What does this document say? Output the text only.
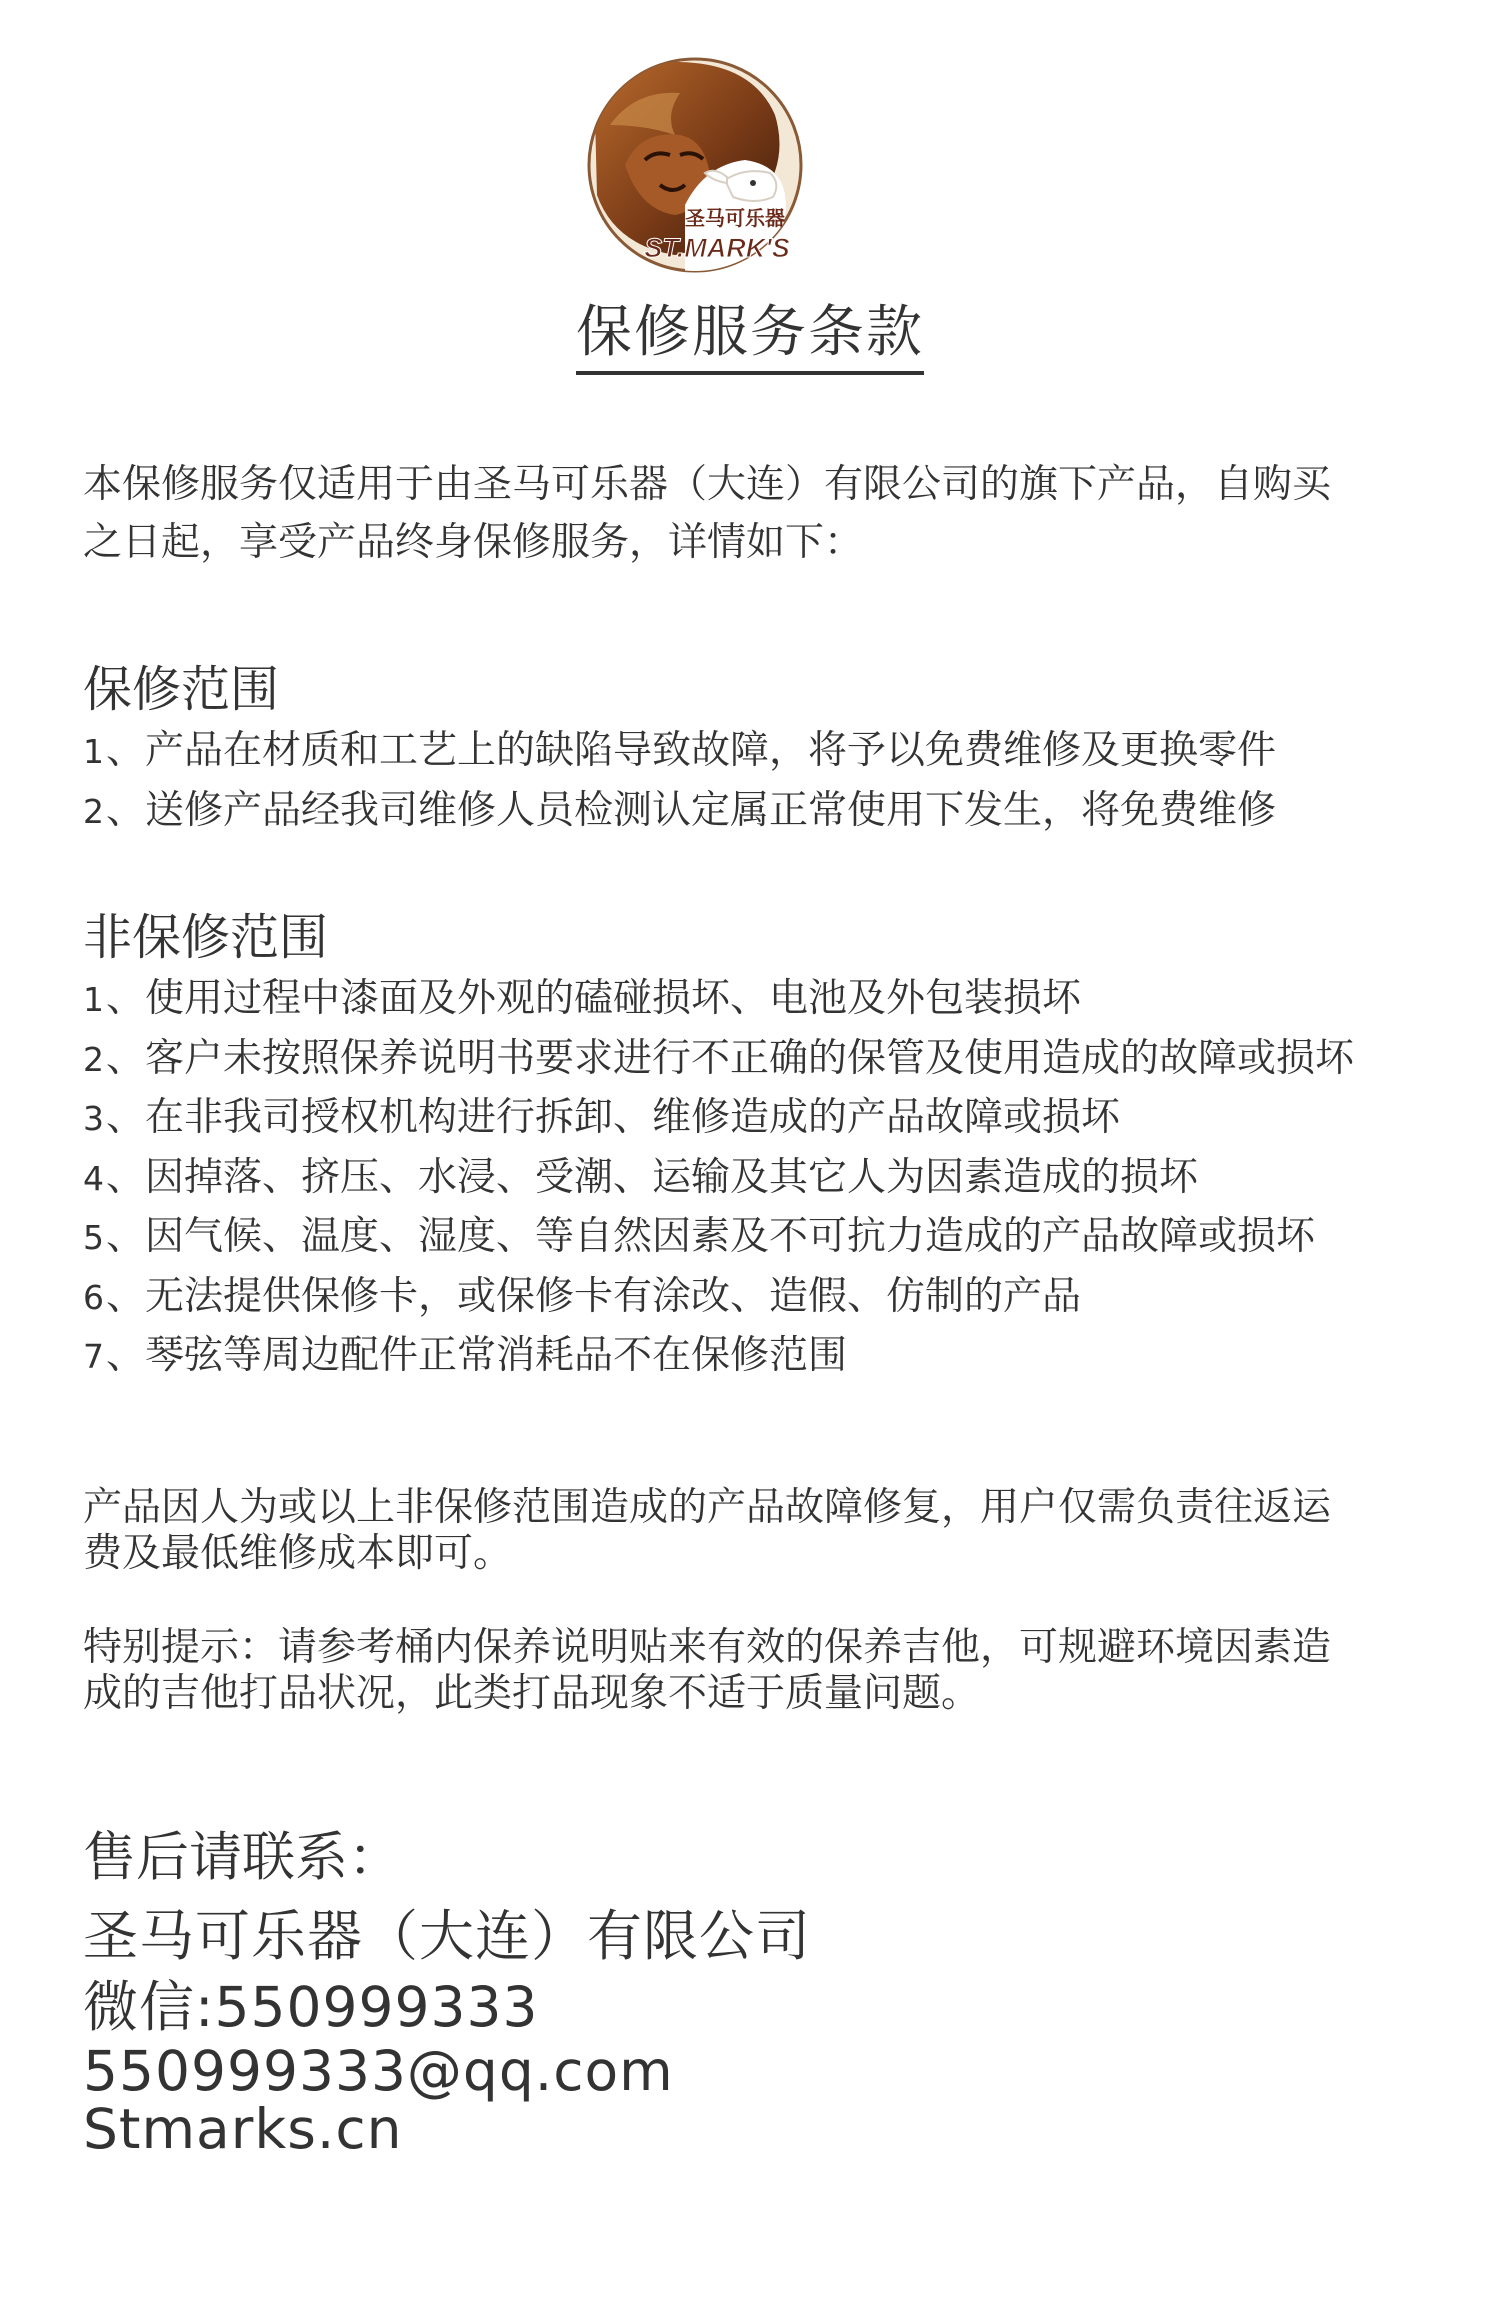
圣马可乐器
ST.MARK'S
保修服务条款

本保修服务仅适用于由圣马可乐器（大连）有限公司的旗下产品，自购买

之日起，享受产品终身保修服务，详情如下：

保修范围

1、产品在材质和工艺上的缺陷导致故障，将予以免费维修及更换零件

2、送修产品经我司维修人员检测认定属正常使用下发生，将免费维修

非保修范围

1、使用过程中漆面及外观的磕碰损坏、电池及外包装损坏

2、客户未按照保养说明书要求进行不正确的保管及使用造成的故障或损坏

3、在非我司授权机构进行拆卸、维修造成的产品故障或损坏

4、因掉落、挤压、水浸、受潮、运输及其它人为因素造成的损坏

5、因气候、温度、湿度、等自然因素及不可抗力造成的产品故障或损坏

6、无法提供保修卡，或保修卡有涂改、造假、仿制的产品

7、琴弦等周边配件正常消耗品不在保修范围

产品因人为或以上非保修范围造成的产品故障修复，用户仅需负责往返运

费及最低维修成本即可。

特别提示：请参考桶内保养说明贴来有效的保养吉他，可规避环境因素造

成的吉他打品状况，此类打品现象不适于质量问题。

售后请联系：

圣马可乐器（大连）有限公司

微信:550999333

550999333@qq.com

Stmarks.cn
